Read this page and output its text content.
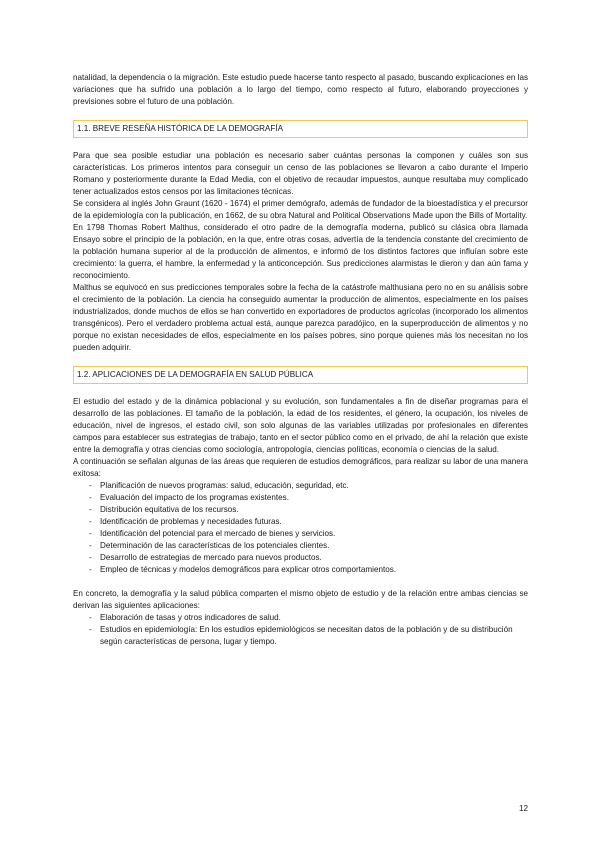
natalidad, la dependencia o la migración. Este estudio puede hacerse tanto respecto al pasado, buscando explicaciones en las variaciones que ha sufrido una población a lo largo del tiempo, como respecto al futuro, elaborando proyecciones y previsiones sobre el futuro de una población.

1.1. BREVE RESEÑA HISTÓRICA DE LA DEMOGRAFÍA

Para que sea posible estudiar una población es necesario saber cuántas personas la componen y cuáles son sus características. Los primeros intentos para conseguir un censo de las poblaciones se llevaron a cabo durante el Imperio Romano y posteriormente durante la Edad Media, con el objetivo de recaudar impuestos, aunque resultaba muy complicado tener actualizados estos censos por las limitaciones técnicas.

Se considera al inglés John Graunt (1620 - 1674) el primer demógrafo, además de fundador de la bioestadística y el precursor de la epidemiología con la publicación, en 1662, de su obra Natural and Political Observations Made upon the Bills of Mortality.

En 1798 Thomas Robert Malthus, considerado el otro padre de la demografía moderna, publicó su clásica obra llamada Ensayo sobre el principio de la población, en la que, entre otras cosas, advertía de la tendencia constante del crecimiento de la población humana superior al de la producción de alimentos, e informó de los distintos factores que influían sobre este crecimiento: la guerra, el hambre, la enfermedad y la anticoncepción. Sus predicciones alarmistas le dieron y dan aún fama y reconocimiento.

Malthus se equivocó en sus predicciones temporales sobre la fecha de la catástrofe malthusiana pero no en su análisis sobre el crecimiento de la población. La ciencia ha conseguido aumentar la producción de alimentos, especialmente en los países industrializados, donde muchos de ellos se han convertido en exportadores de productos agrícolas (incorporado los alimentos transgénicos). Pero el verdadero problema actual está, aunque parezca paradójico, en la superproducción de alimentos y no porque no existan necesidades de ellos, especialmente en los países pobres, sino porque quienes más los necesitan no los pueden adquirir.

1.2. APLICACIONES DE LA DEMOGRAFÍA EN SALUD PÚBLICA

El estudio del estado y de la dinámica poblacional y su evolución, son fundamentales a fin de diseñar programas para el desarrollo de las poblaciones. El tamaño de la población, la edad de los residentes, el género, la ocupación, los niveles de educación, nivel de ingresos, el estado civil, son solo algunas de las variables utilizadas por profesionales en diferentes campos para establecer sus estrategias de trabajo, tanto en el sector público como en el privado, de ahí la relación que existe entre la demografía y otras ciencias como sociología, antropología, ciencias políticas, economía o ciencias de la salud.

A continuación se señalan algunas de las áreas que requieren de estudios demográficos, para realizar su labor de una manera exitosa:

- Planificación de nuevos programas: salud, educación, seguridad, etc.
- Evaluación del impacto de los programas existentes.
- Distribución equitativa de los recursos.
- Identificación de problemas y necesidades futuras.
- Identificación del potencial para el mercado de bienes y servicios.
- Determinación de las características de los potenciales clientes.
- Desarrollo de estrategias de mercado para nuevos productos.
- Empleo de técnicas y modelos demográficos para explicar otros comportamientos.

En concreto, la demografía y la salud pública comparten el mismo objeto de estudio y de la relación entre ambas ciencias se derivan las siguientes aplicaciones:

- Elaboración de tasas y otros indicadores de salud.
- Estudios en epidemiología: En los estudios epidemiológicos se necesitan datos de la población y de su distribución según características de persona, lugar y tiempo.
12
